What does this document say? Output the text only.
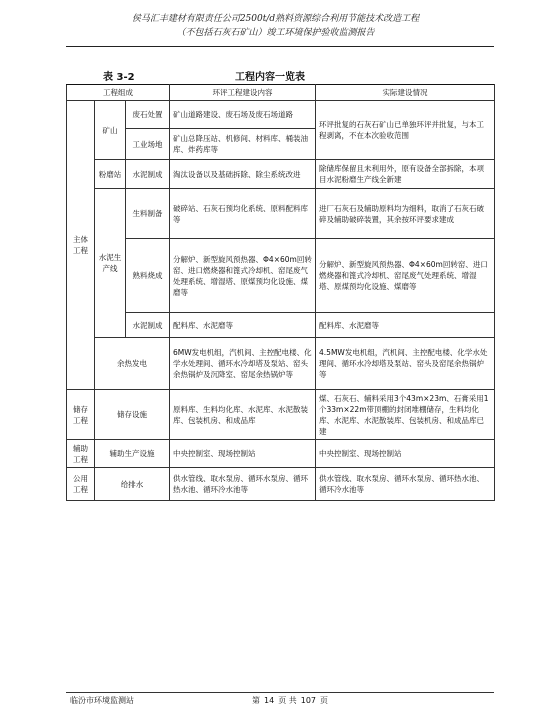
侯马汇丰建材有限责任公司2500t/d熟料资源综合利用节能技术改造工程
（不包括石灰石矿山）竣工环境保护验收监测报告
表 3-2	工程内容一览表
工程组成			环评工程建设内容	实际建设情况
主体工程	矿山	废石处置	矿山道路建设、废石场及废石场道路	环评批复的石灰石矿山已单独环评并批复，与本工程剥离，不在本次验收范围
		工业场地	矿山总降压站、机修间、材料库、桶装油库、炸药库等	
	粉磨站	水泥制成	淘汰设备以及基础拆除、除尘系统改进	除储库保留且未利用外，原有设备全部拆除，本项目水泥粉磨生产线全新建
	水泥生产线	生料制备	破碎站、石灰石预均化系统、原料配料库等	进厂石灰石及辅助原料均为细料，取消了石灰石破碎及辅助破碎装置，其余按环评要求建成
		熟料烧成	分解炉、新型旋风预热器、Φ4×60m回转窑、进口燃烧器和篦式冷却机、窑尾废气处理系统、增湿塔、原煤预均化设施、煤磨等	分解炉、新型旋风预热器、Φ4×60m回转窑、进口燃烧器和篦式冷却机、窑尾废气处理系统、增湿塔、原煤预均化设施、煤磨等
		水泥制成	配料库、水泥磨等	配料库、水泥磨等
	余热发电		6MW发电机组，汽机间、主控配电楼、化学水处理间、循环水冷却塔及泵站、窑头余热锅炉及沉降室、窑尾余热锅炉等	4.5MW发电机组，汽机间、主控配电楼、化学水处理间、循环水冷却塔及泵站、窑头及窑尾余热锅炉等
储存工程	储存设施		原料库、生料均化库、水泥库、水泥散装库、包装机房、和成品库	煤、石灰石、辅料采用3个43m×23m、石膏采用1个33m×22m带顶棚的封闭堆棚储存，生料均化库、水泥库、水泥散装库、包装机房、和成品库已建
辅助工程	辅助生产设施		中央控制室、现场控制站	中央控制室、现场控制站
公用工程	给排水		供水管线、取水泵房、循环水泵房、循环热水池、循环冷水池等	供水管线、取水泵房、循环水泵房、循环热水池、循环冷水池等
临汾市环境监测站	第 14 页 共 107 页
